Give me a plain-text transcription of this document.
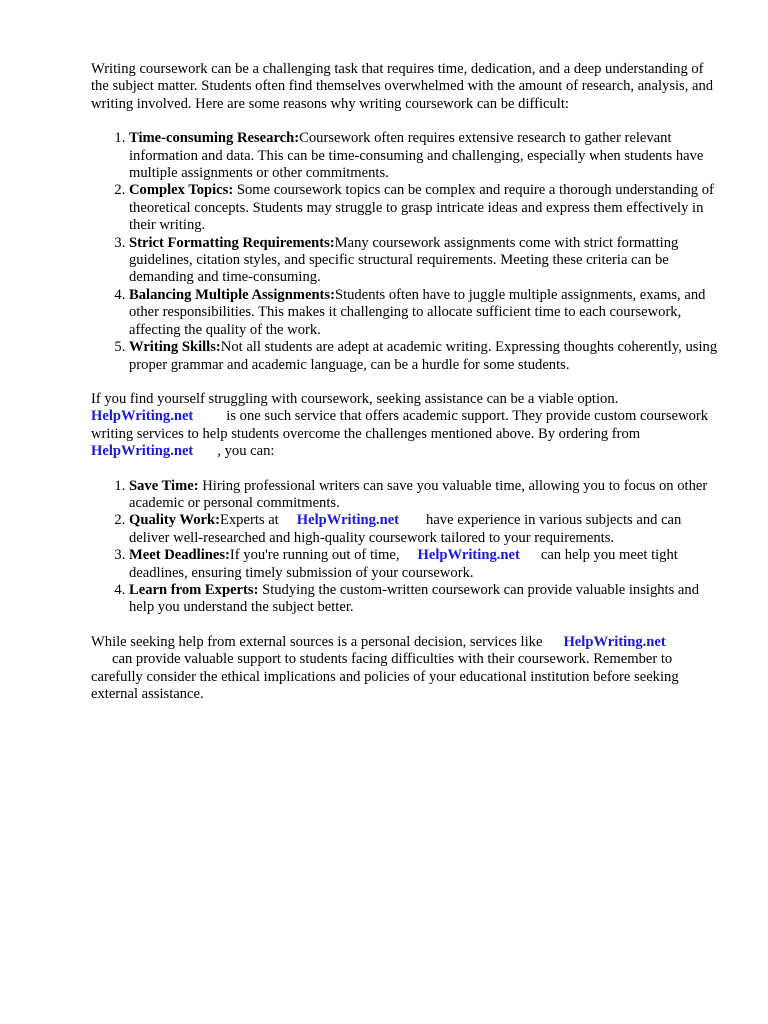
Writing coursework can be a challenging task that requires time, dedication, and a deep understanding of the subject matter. Students often find themselves overwhelmed with the amount of research, analysis, and writing involved. Here are some reasons why writing coursework can be difficult:

1. Time-consuming Research:Coursework often requires extensive research to gather relevant information and data. This can be time-consuming and challenging, especially when students have multiple assignments or other commitments.
2. Complex Topics: Some coursework topics can be complex and require a thorough understanding of theoretical concepts. Students may struggle to grasp intricate ideas and express them effectively in their writing.
3. Strict Formatting Requirements:Many coursework assignments come with strict formatting guidelines, citation styles, and specific structural requirements. Meeting these criteria can be demanding and time-consuming.
4. Balancing Multiple Assignments:Students often have to juggle multiple assignments, exams, and other responsibilities. This makes it challenging to allocate sufficient time to each coursework, affecting the quality of the work.
5. Writing Skills:Not all students are adept at academic writing. Expressing thoughts coherently, using proper grammar and academic language, can be a hurdle for some students.

If you find yourself struggling with coursework, seeking assistance can be a viable option.
HelpWriting.net is one such service that offers academic support. They provide custom coursework writing services to help students overcome the challenges mentioned above. By ordering fromHelpWriting.net , you can:

1. Save Time: Hiring professional writers can save you valuable time, allowing you to focus on other academic or personal commitments.
2. Quality Work:Experts at HelpWriting.net have experience in various subjects and can deliver well-researched and high-quality coursework tailored to your requirements.
3. Meet Deadlines:If you're running out of time, HelpWriting.net can help you meet tight deadlines, ensuring timely submission of your coursework.
4. Learn from Experts: Studying the custom-written coursework can provide valuable insights and help you understand the subject better.

While seeking help from external sources is a personal decision, services like HelpWriting.net
can provide valuable support to students facing difficulties with their coursework. Remember to carefully consider the ethical implications and policies of your educational institution before seeking external assistance.
